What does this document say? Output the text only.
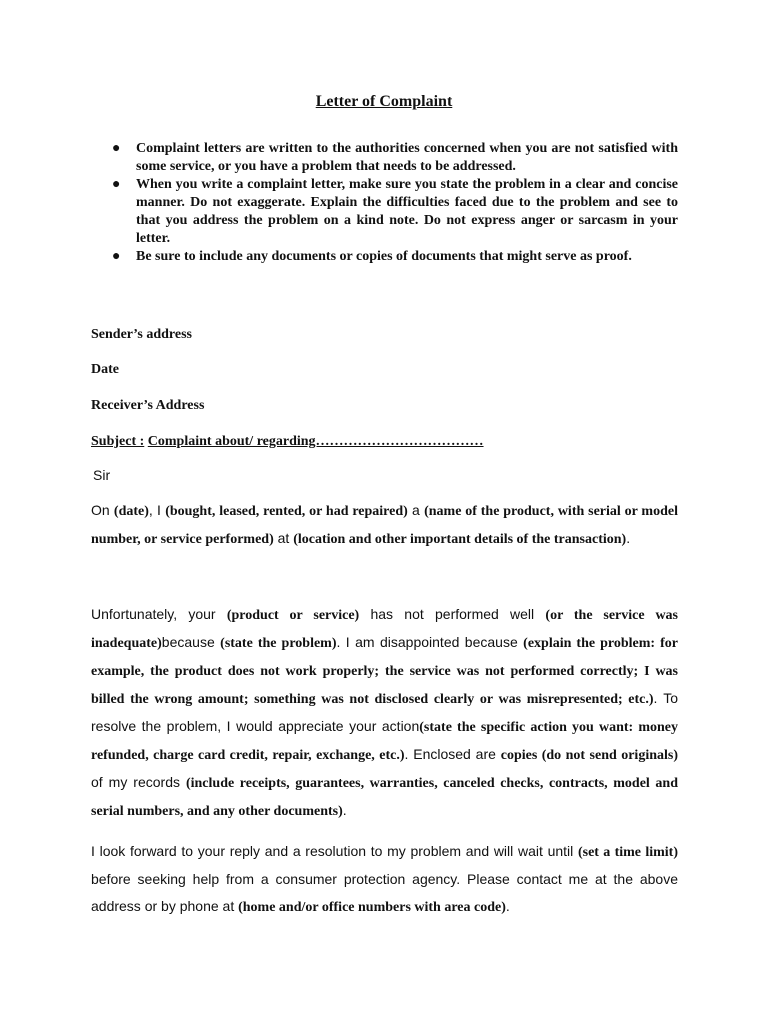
Letter of Complaint
● Complaint letters are written to the authorities concerned when you are not satisfied with some service, or you have a problem that needs to be addressed.
● When you write a complaint letter, make sure you state the problem in a clear and concise manner. Do not exaggerate. Explain the difficulties faced due to the problem and see to that you address the problem on a kind note. Do not express anger or sarcasm in your letter.
● Be sure to include any documents or copies of documents that might serve as proof.
Sender’s address
Date
Receiver’s Address
Subject : Complaint about/ regarding………………………………
Sir
On (date), I (bought, leased, rented, or had repaired) a (name of the product, with serial or model number, or service performed) at (location and other important details of the transaction).
Unfortunately, your (product or service) has not performed well (or the service was inadequate)because (state the problem). I am disappointed because (explain the problem: for example, the product does not work properly; the service was not performed correctly; I was billed the wrong amount; something was not disclosed clearly or was misrepresented; etc.). To resolve the problem, I would appreciate your action(state the specific action you want: money refunded, charge card credit, repair, exchange, etc.). Enclosed are copies (do not send originals) of my records (include receipts, guarantees, warranties, canceled checks, contracts, model and serial numbers, and any other documents).
I look forward to your reply and a resolution to my problem and will wait until (set a time limit) before seeking help from a consumer protection agency. Please contact me at the above address or by phone at (home and/or office numbers with area code).
